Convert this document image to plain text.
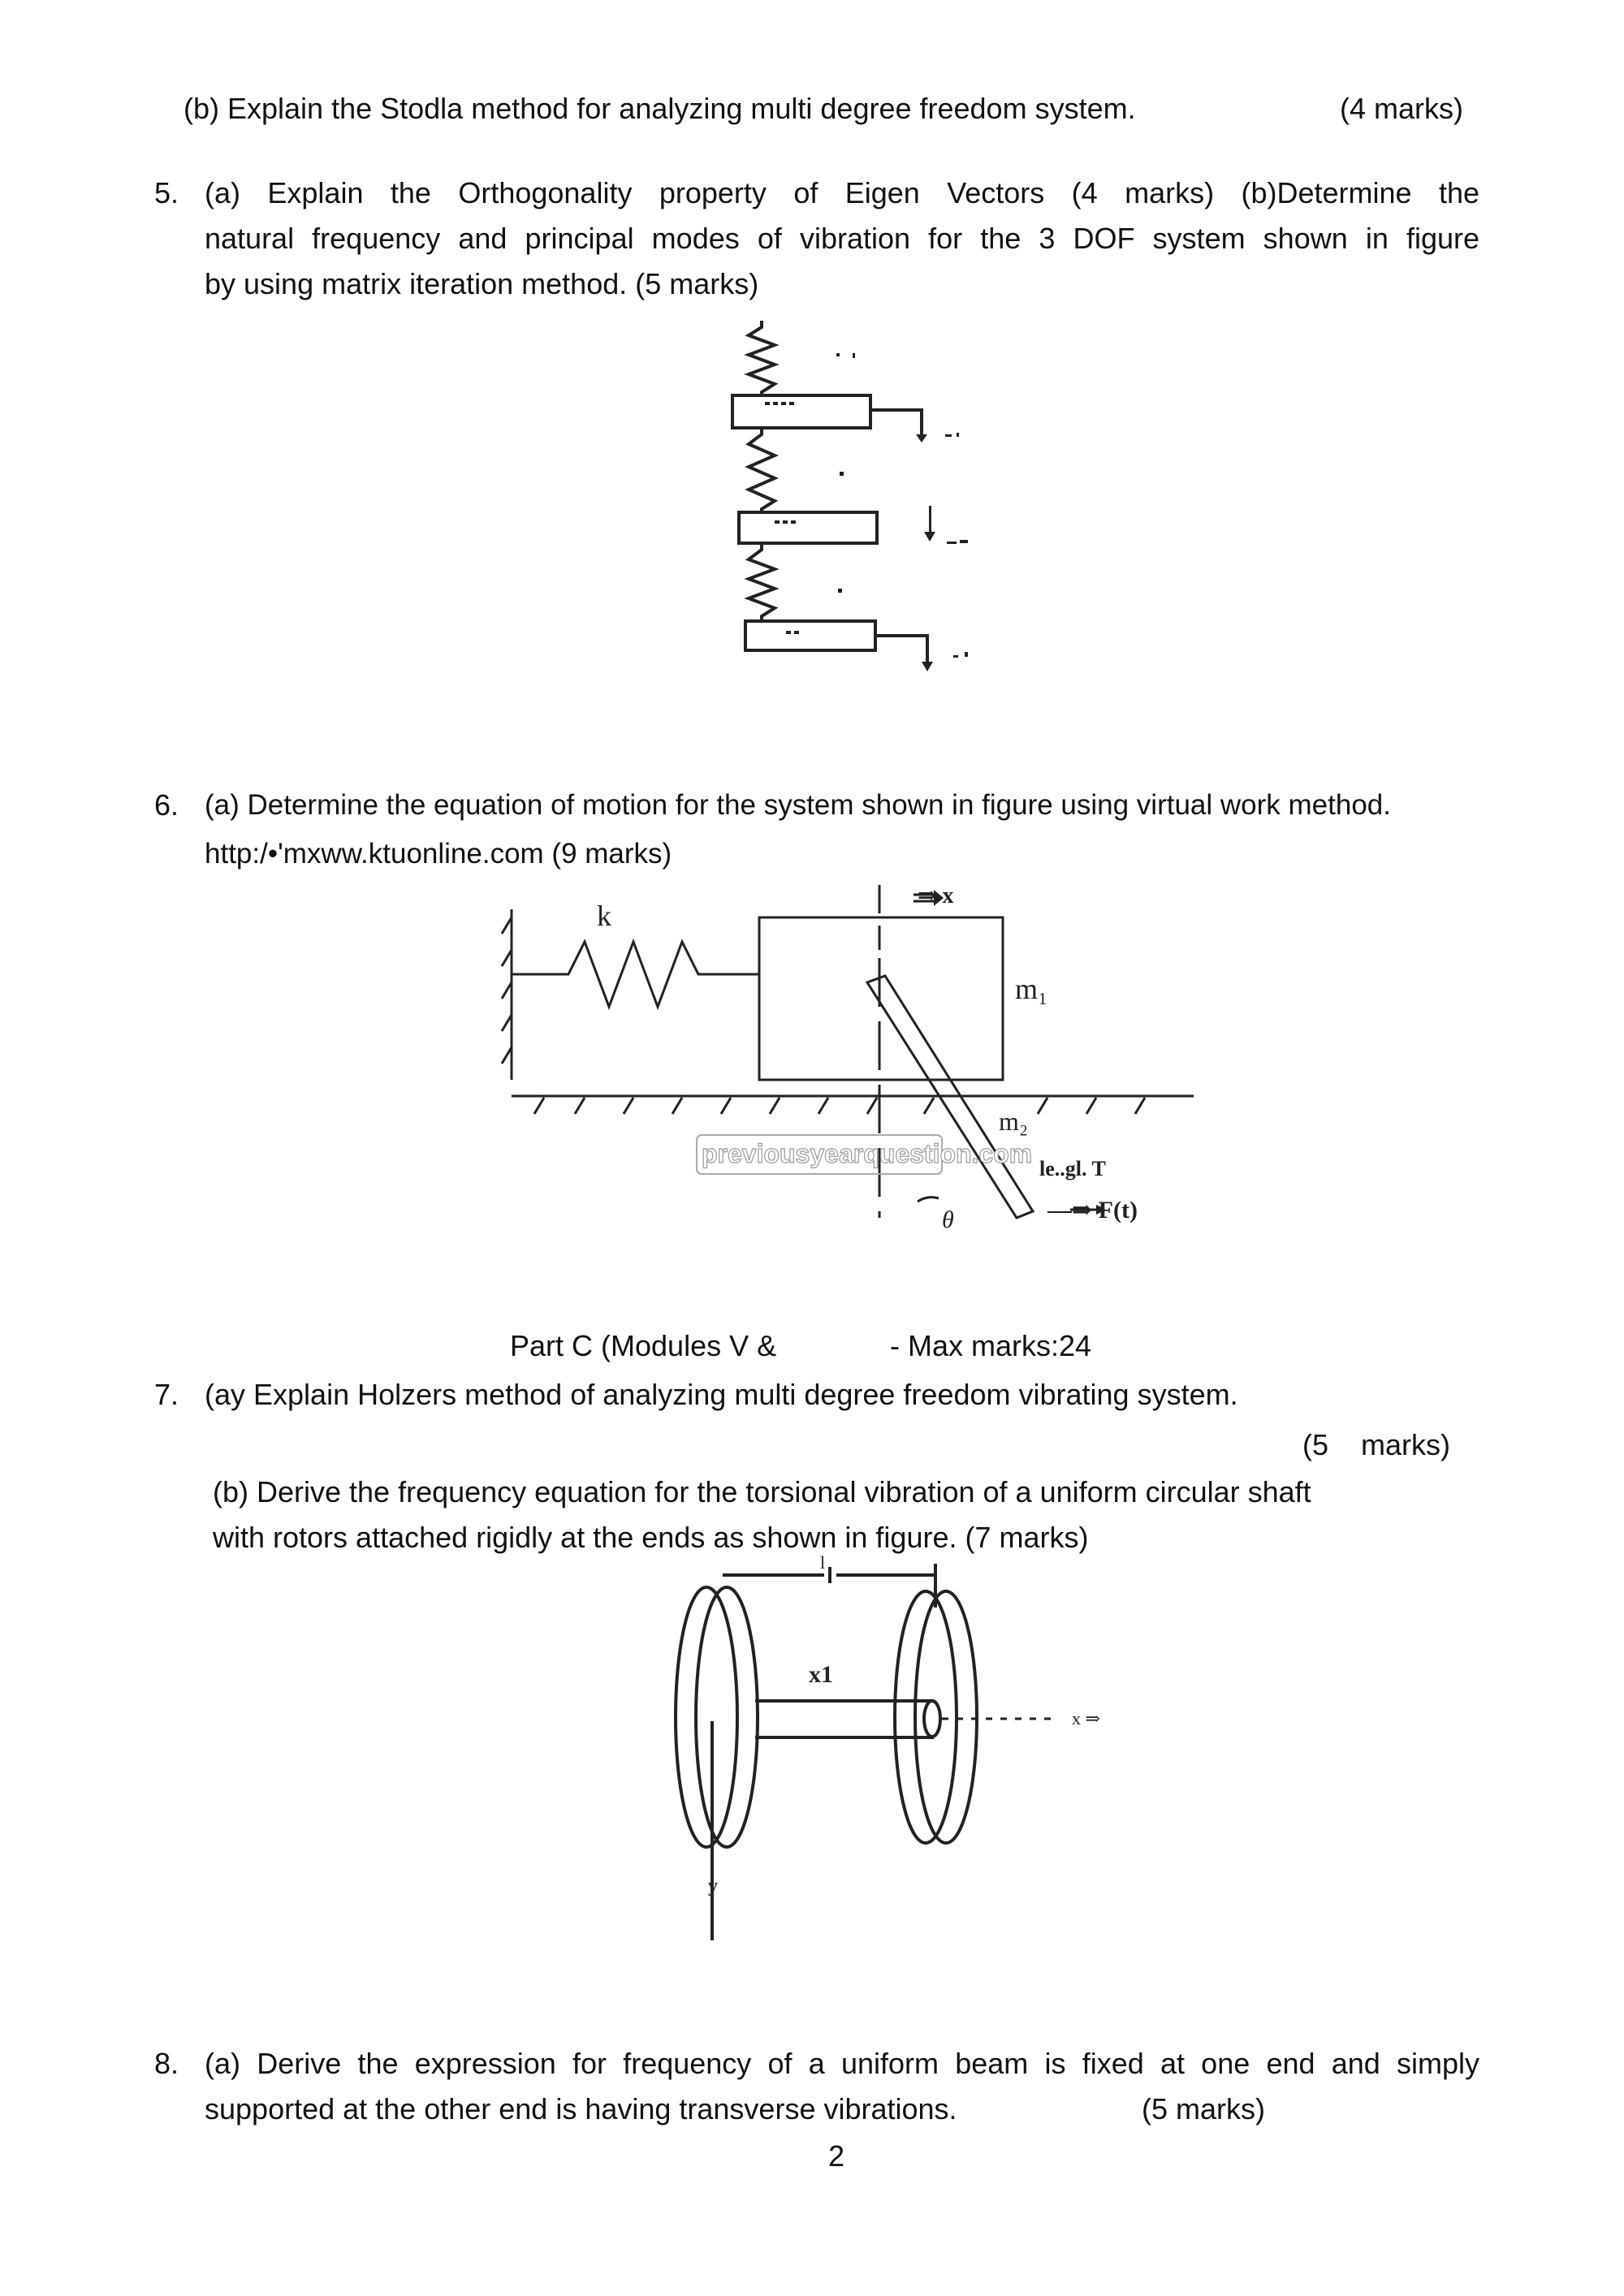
(b) Explain the Stodla method for analyzing multi degree freedom system.	(4 marks)
5. (a) Explain the Orthogonality property of Eigen Vectors (4 marks) (b)Determine the
natural frequency and principal modes of vibration for the 3 DOF system shown in figure
by using matrix iteration method. (5 marks)
6. (a) Determine the equation of motion for the system shown in figure using virtual work method.
http:/•'mxww.ktuonline.com (9 marks)
k
⇒ x
m₁
m₂
le..gl. T
—⇒ F(t)
θ
previousyearquestion.com
Part C (Modules V &	- Max marks:24
7. (ay Explain Holzers method of analyzing multi degree freedom vibrating system.
(5    marks)
(b) Derive the frequency equation for the torsional vibration of a uniform circular shaft
with rotors attached rigidly at the ends as shown in figure. (7 marks)
x1
x ⇒
l
y
8. (a) Derive the expression for frequency of a uniform beam is fixed at one end and simply
supported at the other end is having transverse vibrations.	(5 marks)
2
